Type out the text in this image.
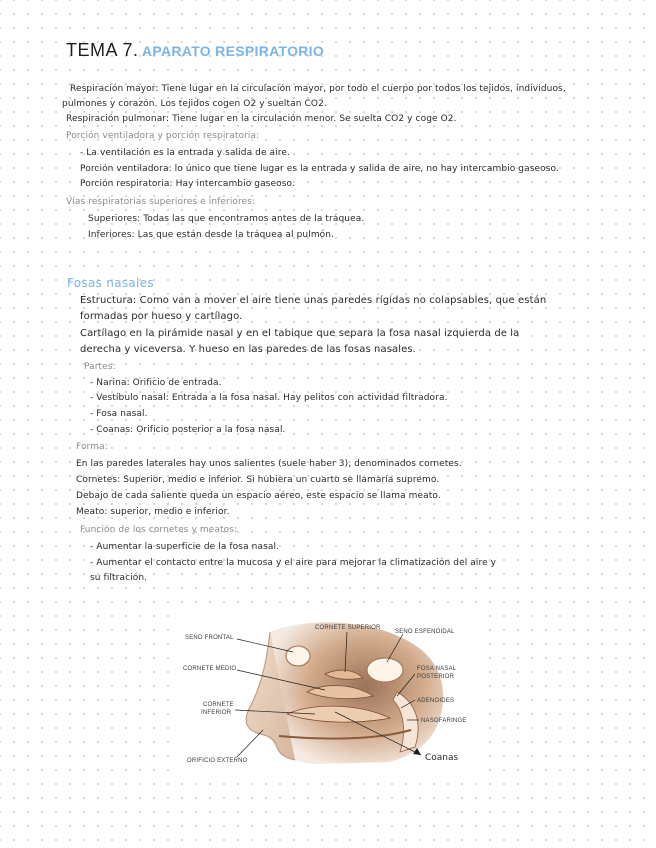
TEMA 7. APARATO RESPIRATORIO
Respiración mayor: Tiene lugar en la circulación mayor, por todo el cuerpo por todos los tejidos, individuos,
pulmones y corazón. Los tejidos cogen O2 y sueltan CO2.
Respiración pulmonar: Tiene lugar en la circulación menor. Se suelta CO2 y coge O2.
Porción ventiladora y porción respiratoria:
- La ventilación es la entrada y salida de aire.
Porción ventiladora: lo único que tiene lugar es la entrada y salida de aire, no hay intercambio gaseoso.
Porción respiratoria: Hay intercambio gaseoso.
Vías respiratorias superiores e inferiores:
Superiores: Todas las que encontramos antes de la tráquea.
Inferiores: Las que están desde la tráquea al pulmón.
Fosas nasales
Estructura: Como van a mover el aire tiene unas paredes rígidas no colapsables, que están
formadas por hueso y cartílago.
Cartílago en la pirámide nasal y en el tabique que separa la fosa nasal izquierda de la
derecha y viceversa. Y hueso en las paredes de las fosas nasales.
Partes:
- Narina: Orificio de entrada.
- Vestíbulo nasal: Entrada a la fosa nasal. Hay pelitos con actividad filtradora.
- Fosa nasal.
- Coanas: Orificio posterior a la fosa nasal.
Forma:
En las paredes laterales hay unos salientes (suele haber 3), denominados cornetes.
Cornetes: Superior, medio e inferior. Si hubiera un cuarto se llamaría supremo.
Debajo de cada saliente queda un espacio aéreo, este espacio se llama meato.
Meato: superior, medio e inferior.
Función de los cornetes y meatos:
- Aumentar la superficie de la fosa nasal.
- Aumentar el contacto entre la mucosa y el aire para mejorar la climatización del aire y
su filtración.
SENO FRONTAL
CORNETE SUPERIOR
SENO ESFENOIDAL
CORNETE MEDIO	FOSA NASAL
POSTERIOR
ADENOIDES
CORNETE
INFERIOR
NASOFARINGE
ORIFICIO EXTERNO	Coanas
